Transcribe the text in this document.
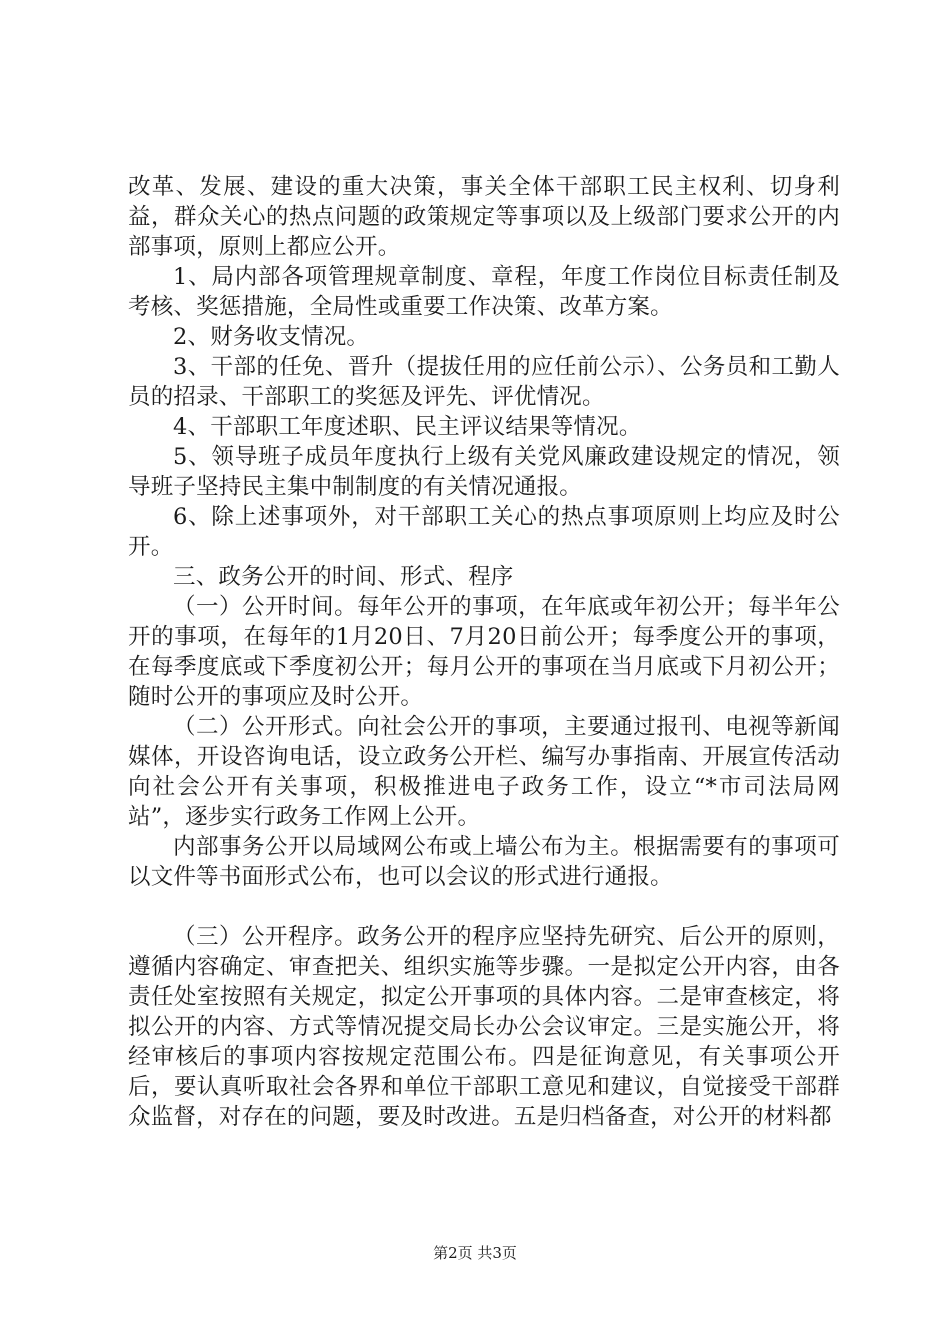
改革、发展、建设的重大决策，事关全体干部职工民主权利、切身利益，群众关心的热点问题的政策规定等事项以及上级部门要求公开的内部事项，原则上都应公开。

1、局内部各项管理规章制度、章程，年度工作岗位目标责任制及考核、奖惩措施，全局性或重要工作决策、改革方案。

2、财务收支情况。

3、干部的任免、晋升（提拔任用的应任前公示）、公务员和工勤人员的招录、干部职工的奖惩及评先、评优情况。

4、干部职工年度述职、民主评议结果等情况。

5、领导班子成员年度执行上级有关党风廉政建设规定的情况，领导班子坚持民主集中制制度的有关情况通报。

6、除上述事项外，对干部职工关心的热点事项原则上均应及时公开。

三、政务公开的时间、形式、程序

（一）公开时间。每年公开的事项，在年底或年初公开；每半年公开的事项，在每年的1月20日、7月20日前公开；每季度公开的事项，在每季度底或下季度初公开；每月公开的事项在当月底或下月初公开；随时公开的事项应及时公开。

（二）公开形式。向社会公开的事项，主要通过报刊、电视等新闻媒体，开设咨询电话，设立政务公开栏、编写办事指南、开展宣传活动向社会公开有关事项，积极推进电子政务工作，设立“*市司法局网站”，逐步实行政务工作网上公开。

内部事务公开以局域网公布或上墙公布为主。根据需要有的事项可以文件等书面形式公布，也可以会议的形式进行通报。

（三）公开程序。政务公开的程序应坚持先研究、后公开的原则，遵循内容确定、审查把关、组织实施等步骤。一是拟定公开内容，由各责任处室按照有关规定，拟定公开事项的具体内容。二是审查核定，将拟公开的内容、方式等情况提交局长办公会议审定。三是实施公开，将经审核后的事项内容按规定范围公布。四是征询意见，有关事项公开后，要认真听取社会各界和单位干部职工意见和建议，自觉接受干部群众监督，对存在的问题，要及时改进。五是归档备查，对公开的材料都

第2页 共3页
